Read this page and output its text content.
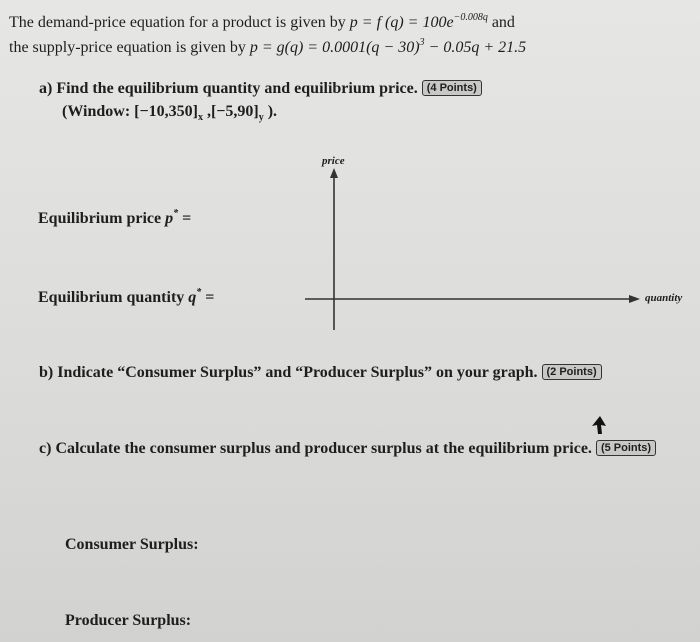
The demand-price equation for a product is given by p = f $(q) = 100e^{-0.008q}$ and
the supply-price equation is given by $p = g(q) = 0.0001(q - 30)^3 - 0.05q + 21.5$
a) Find the equilibrium quantity and equilibrium price. (4 Points)
(Window: $[-10,350]_x$ $,[-5,90]_y$ ).
Equilibrium price p* =
Equilibrium quantity q* =
price
quantity
b) Indicate “Consumer Surplus” and “Producer Surplus” on your graph. (2 Points)
c) Calculate the consumer surplus and producer surplus at the equilibrium price. (5 Points)
Consumer Surplus:
Producer Surplus:
